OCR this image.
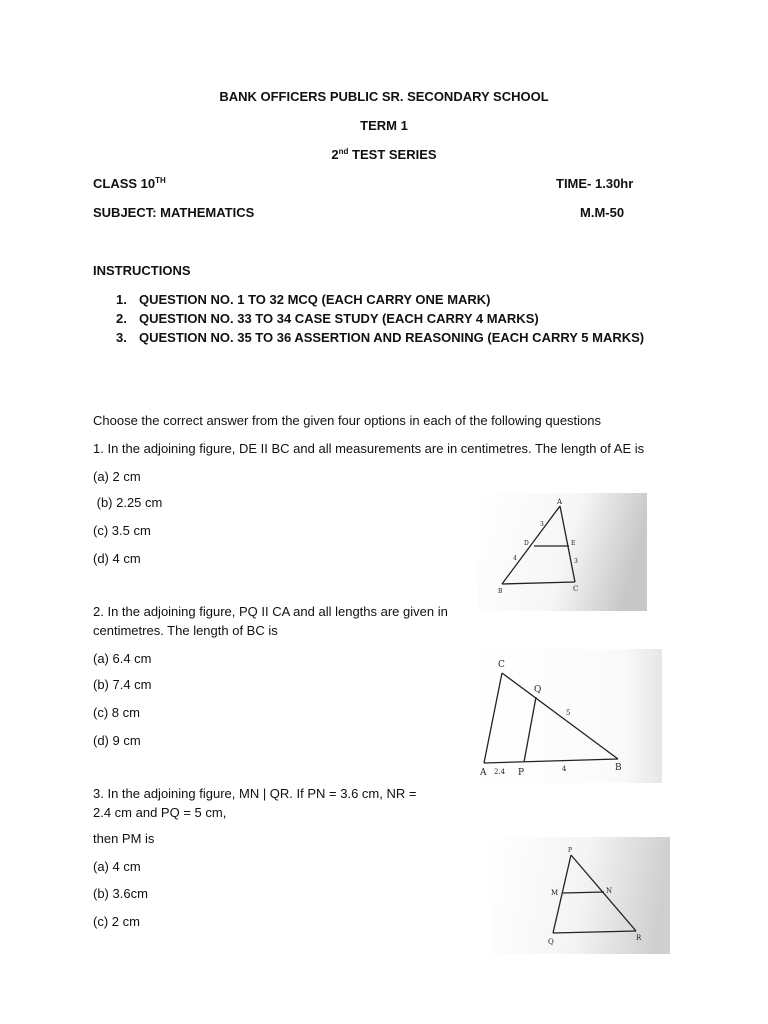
BANK OFFICERS PUBLIC SR. SECONDARY SCHOOL
TERM 1
2nd TEST SERIES
CLASS 10TH	TIME- 1.30hr
SUBJECT: MATHEMATICS	M.M-50
INSTRUCTIONS
1. QUESTION NO. 1 TO 32 MCQ (EACH CARRY ONE MARK)
2. QUESTION NO. 33 TO 34 CASE STUDY (EACH CARRY 4 MARKS)
3. QUESTION NO. 35 TO 36 ASSERTION AND REASONING (EACH CARRY 5 MARKS)
Choose the correct answer from the given four options in each of the following questions
1. In the adjoining figure, DE II BC and all measurements are in centimetres. The length of AE is
(a) 2 cm
(b) 2.25 cm
(c) 3.5 cm
(d) 4 cm
A
D	E
B	C
3
4	3
2. In the adjoining figure, PQ II CA and all lengths are given in
centimetres. The length of BC is
(a) 6.4 cm
(b) 7.4 cm
(c) 8 cm
(d) 9 cm
C
Q
5
A 2.4 P	4	B
3. In the adjoining figure, MN | QR. If PN = 3.6 cm, NR =
2.4 cm and PQ = 5 cm,
then PM is
(a) 4 cm
(b) 3.6cm
(c) 2 cm
P
M	N
Q	R
